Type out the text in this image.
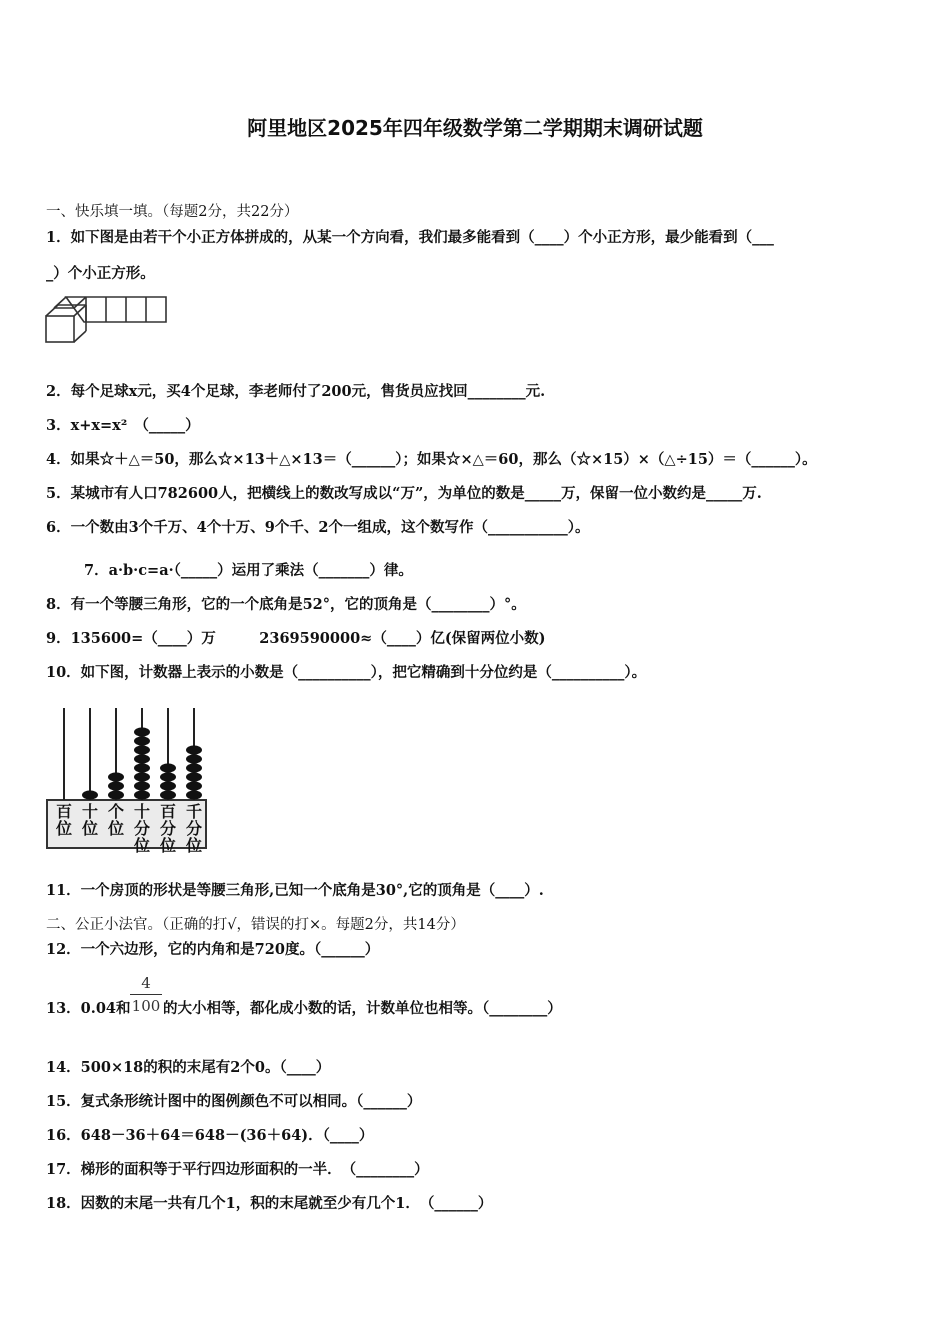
阿里地区2025年四年级数学第二学期期末调研试题
一、快乐填一填。（每题2分，共22分）
1．如下图是由若干个小正方体拼成的，从某一个方向看，我们最多能看到（____）个小正方形，最少能看到（___
_）个小正方形。
2．每个足球x元，买4个足球，李老师付了200元，售货员应找回________元.
3．x+x=x²　（_____）
4．如果☆＋△＝50，那么☆×13＋△×13＝（______）；如果☆×△＝60，那么（☆×15）×（△÷15）＝（______）。
5．某城市有人口782600人，把横线上的数改写成以“万”，为单位的数是_____万，保留一位小数约是_____万.
6．一个数由3个千万、4个十万、9个千、2个一组成，这个数写作（___________）。
7．a·b·c=a·（_____）运用了乘法（_______）律。
8．有一个等腰三角形，它的一个底角是52°，它的顶角是（________）°。
9．135600=（____）万　　　2369590000≈（____）亿(保留两位小数)
10．如下图，计数器上表示的小数是（__________），把它精确到十分位约是（__________）。
百
位
十
位
个
位
十
分
位
百
分
位
千
分
位
11．一个房顶的形状是等腰三角形,已知一个底角是30°,它的顶角是（____）.
二、公正小法官。（正确的打√，错误的打×。每题2分，共14分）
12．一个六边形，它的内角和是720度。（______）
13．0.04和 $\frac{4}{100}$ 的大小相等，都化成小数的话，计数单位也相等。（________）
14．500×18的积的末尾有2个0。（____）
15．复式条形统计图中的图例颜色不可以相同。（______）
16．648－36＋64＝648－(36＋64)．（____）
17．梯形的面积等于平行四边形面积的一半．　（________）
18．因数的末尾一共有几个1，积的末尾就至少有几个1．　（______）
